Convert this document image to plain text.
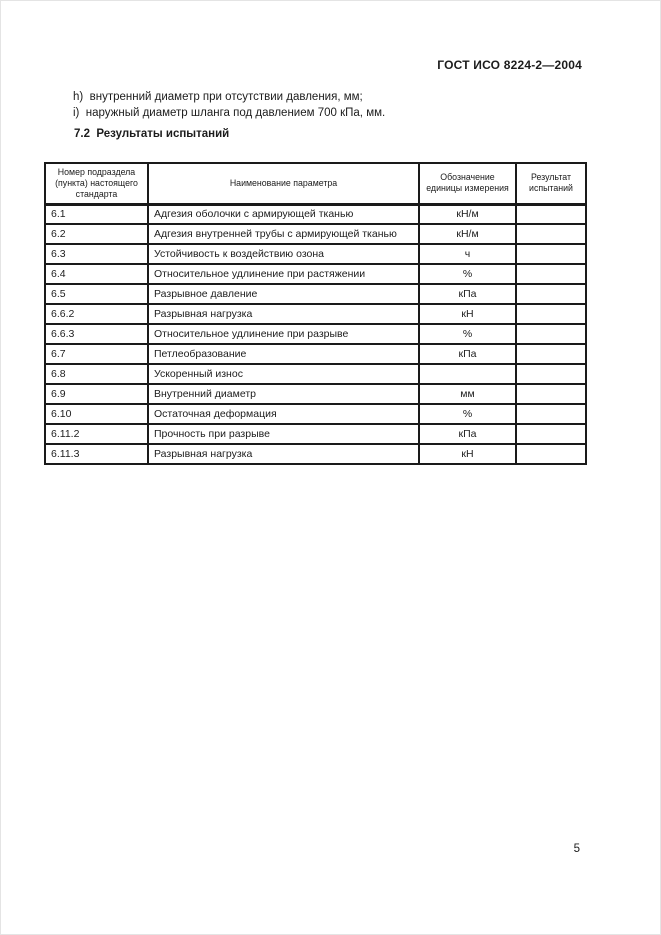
ГОСТ ИСО 8224-2—2004
h)  внутренний диаметр при отсутствии давления, мм;
i)  наружный диаметр шланга под давлением 700 кПа, мм.
7.2  Результаты испытаний
Номер подраздела (пункта) настоящего стандарта	Наименование параметра	Обозначение единицы измерения	Результат испытаний
6.1	Адгезия оболочки с армирующей тканью	кН/м	
6.2	Адгезия внутренней трубы с армирующей тканью	кН/м	
6.3	Устойчивость к воздействию озона	ч	
6.4	Относительное удлинение при растяжении	%	
6.5	Разрывное давление	кПа	
6.6.2	Разрывная нагрузка	кН	
6.6.3	Относительное удлинение при разрыве	%	
6.7	Петлеобразование	кПа	
6.8	Ускоренный износ		
6.9	Внутренний диаметр	мм	
6.10	Остаточная деформация	%	
6.11.2	Прочность при разрыве	кПа	
6.11.3	Разрывная нагрузка	кН	
5
